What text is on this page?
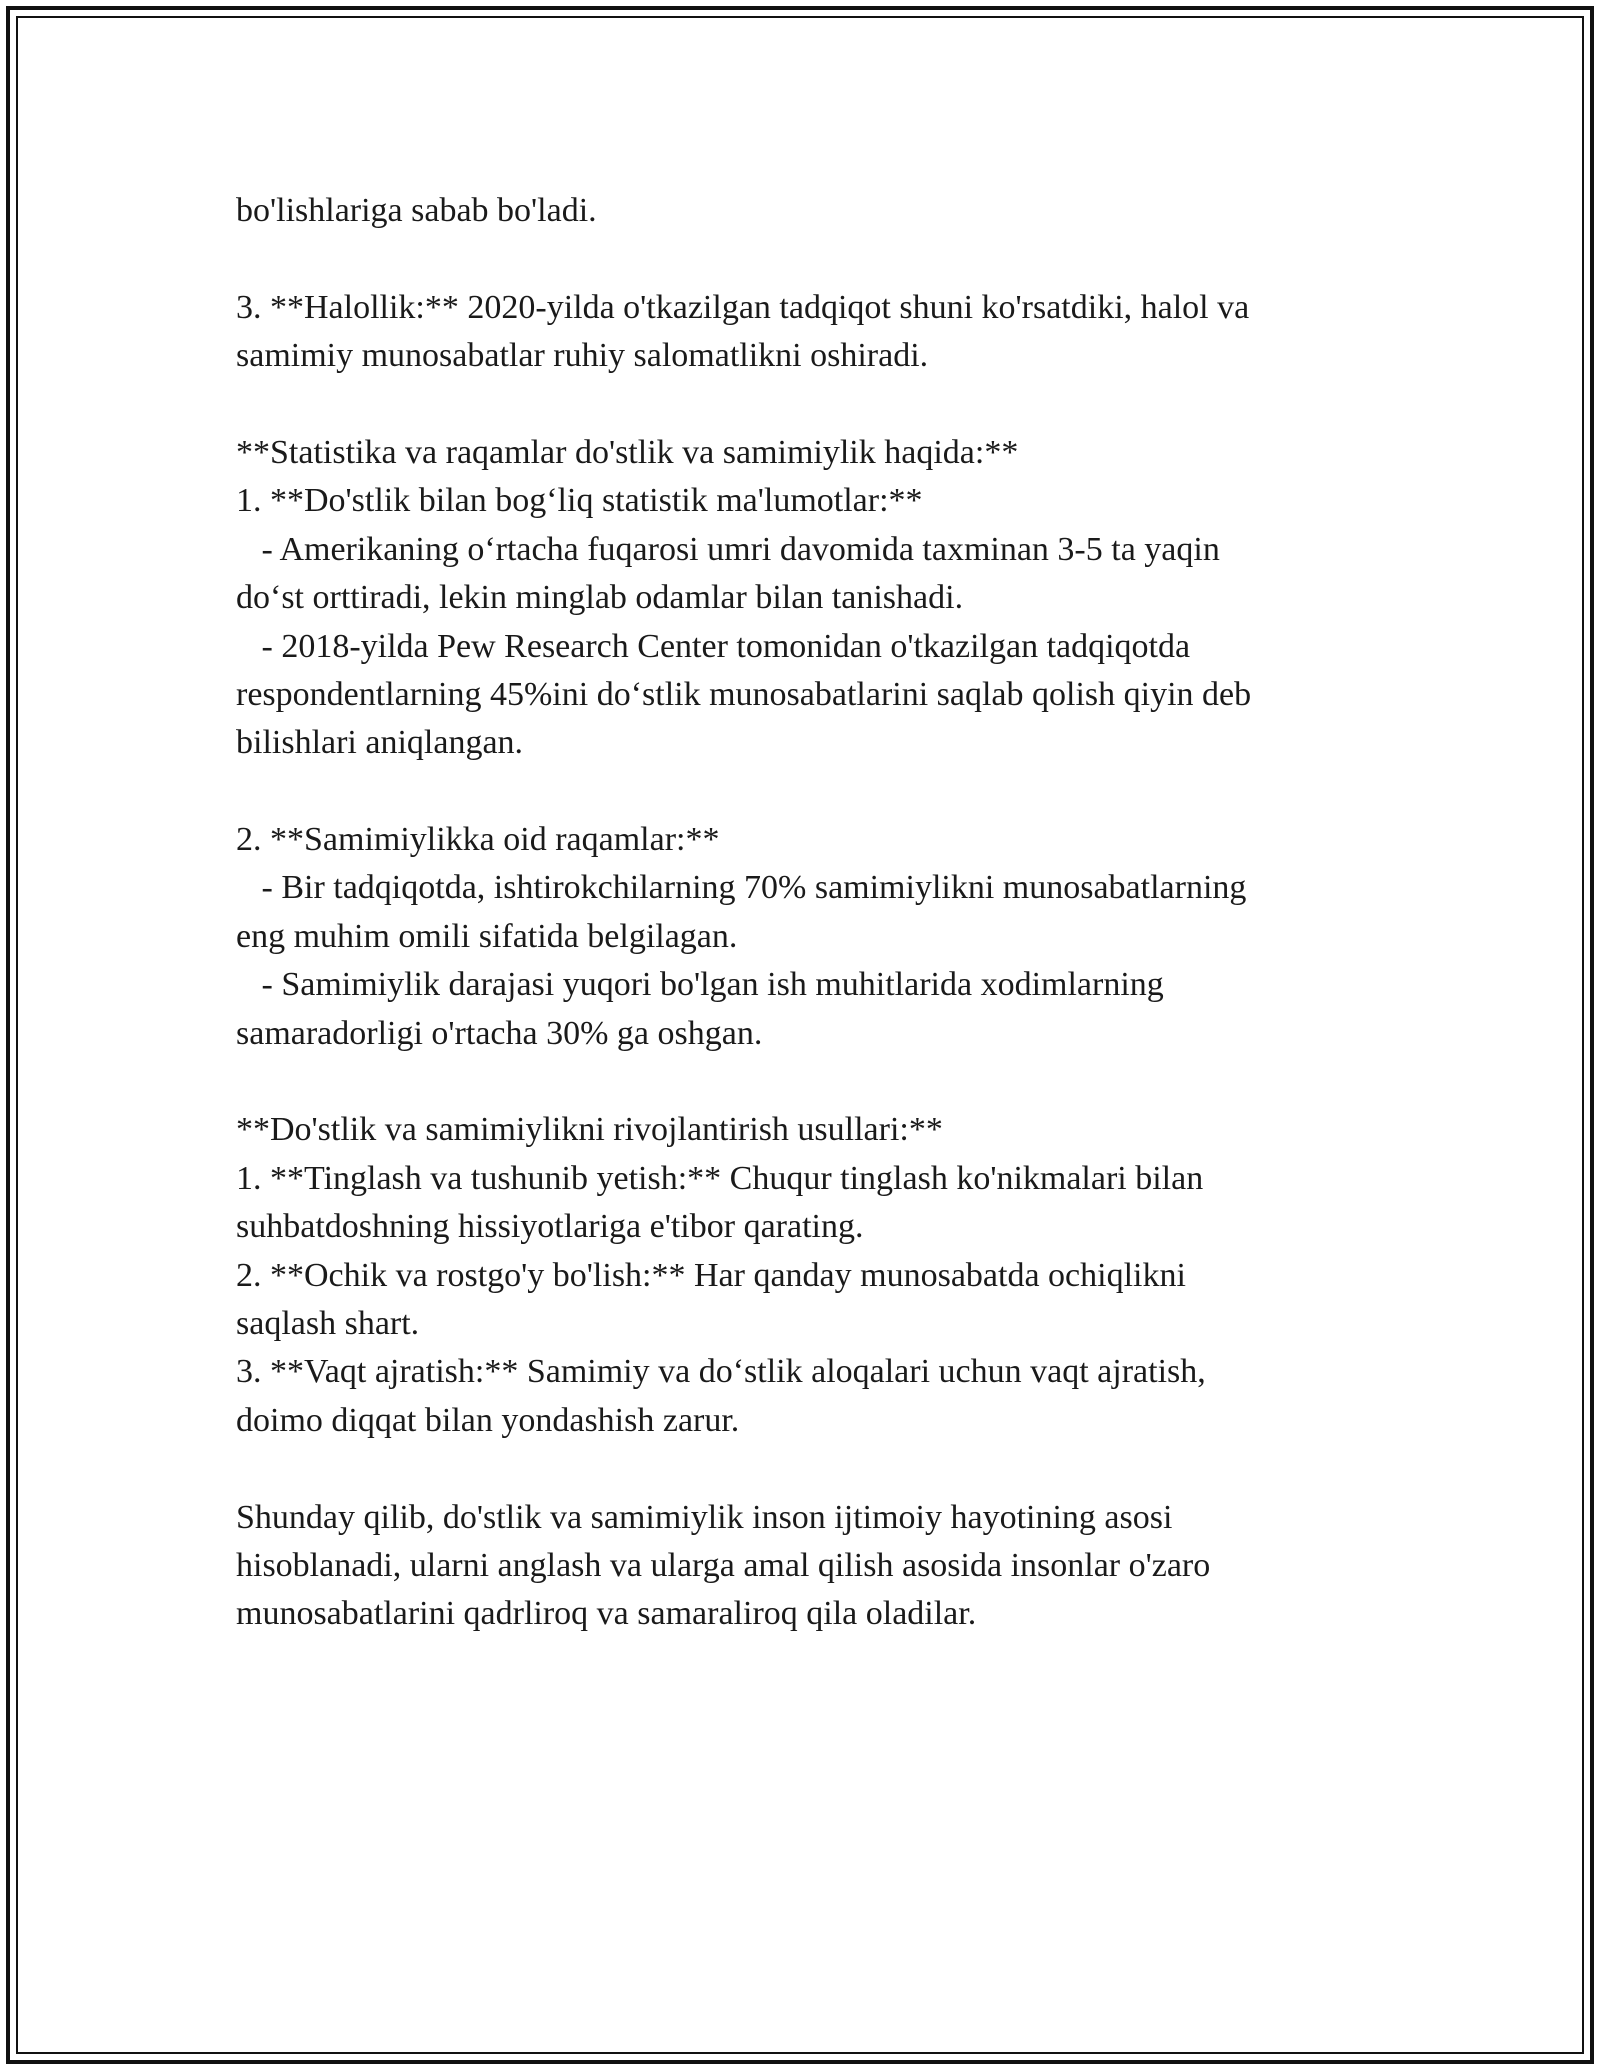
bo'lishlariga sabab bo'ladi.
3. **Halollik:** 2020-yilda o'tkazilgan tadqiqot shuni ko'rsatdiki, halol va
samimiy munosabatlar ruhiy salomatlikni oshiradi.
**Statistika va raqamlar do'stlik va samimiylik haqida:**
1. **Do'stlik bilan bog‘liq statistik ma'lumotlar:**
- Amerikaning o‘rtacha fuqarosi umri davomida taxminan 3-5 ta yaqin
do‘st orttiradi, lekin minglab odamlar bilan tanishadi.
- 2018-yilda Pew Research Center tomonidan o'tkazilgan tadqiqotda
respondentlarning 45%ini do‘stlik munosabatlarini saqlab qolish qiyin deb
bilishlari aniqlangan.
2. **Samimiylikka oid raqamlar:**
- Bir tadqiqotda, ishtirokchilarning 70% samimiylikni munosabatlarning
eng muhim omili sifatida belgilagan.
- Samimiylik darajasi yuqori bo'lgan ish muhitlarida xodimlarning
samaradorligi o'rtacha 30% ga oshgan.
**Do'stlik va samimiylikni rivojlantirish usullari:**
1. **Tinglash va tushunib yetish:** Chuqur tinglash ko'nikmalari bilan
suhbatdoshning hissiyotlariga e'tibor qarating.
2. **Ochik va rostgo'y bo'lish:** Har qanday munosabatda ochiqlikni
saqlash shart.
3. **Vaqt ajratish:** Samimiy va do‘stlik aloqalari uchun vaqt ajratish,
doimo diqqat bilan yondashish zarur.
Shunday qilib, do'stlik va samimiylik inson ijtimoiy hayotining asosi
hisoblanadi, ularni anglash va ularga amal qilish asosida insonlar o'zaro
munosabatlarini qadrliroq va samaraliroq qila oladilar.
